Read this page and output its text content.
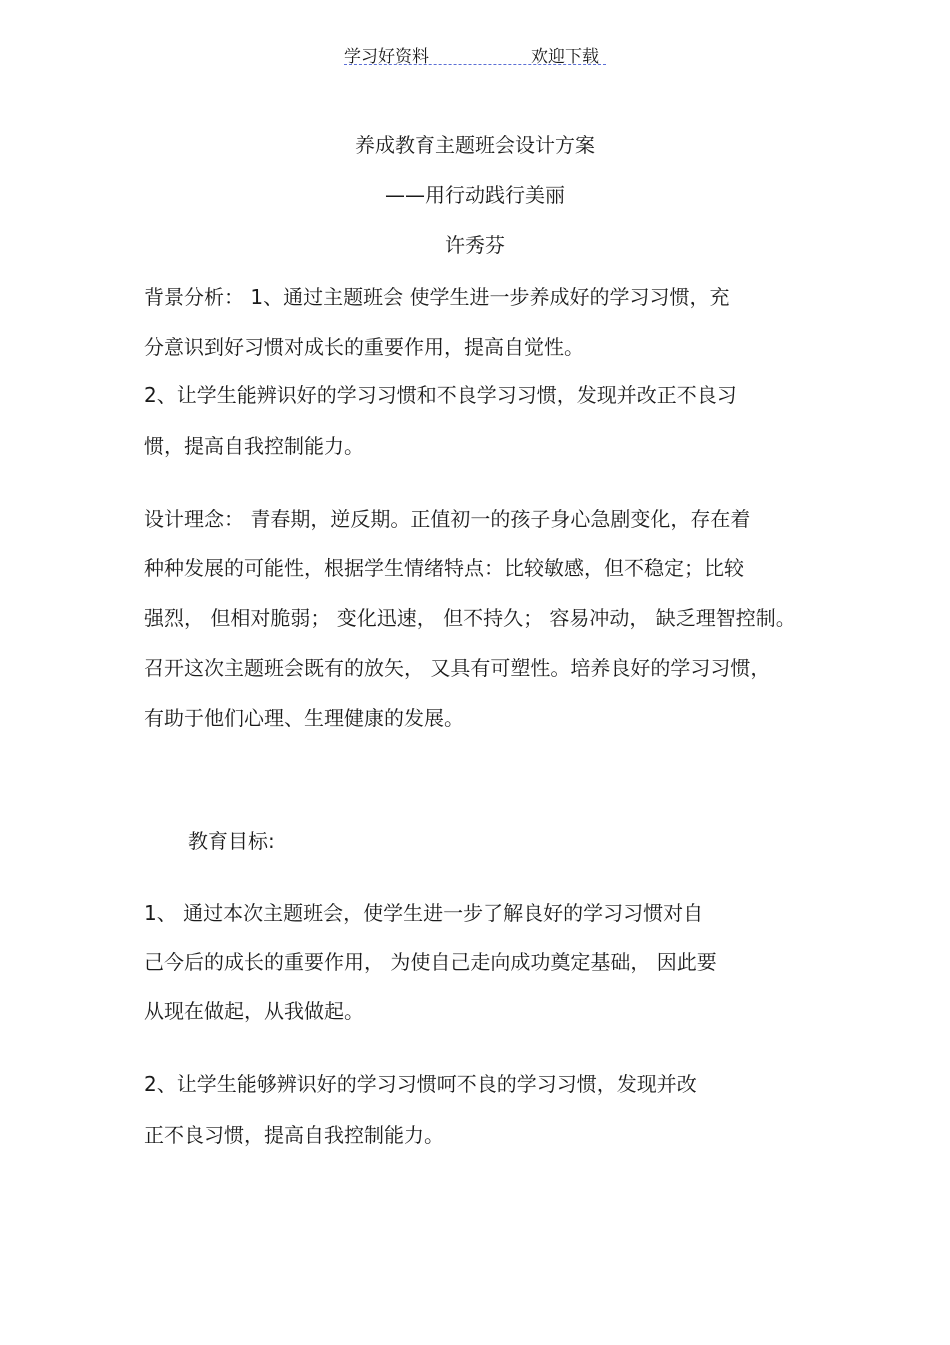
学习好资料	欢迎下载
养成教育主题班会设计方案
——用行动践行美丽
许秀芬
背景分析： 1、通过主题班会 使学生进一步养成好的学习习惯，充
分意识到好习惯对成长的重要作用，提高自觉性。
2、让学生能辨识好的学习习惯和不良学习习惯，发现并改正不良习
惯，提高自我控制能力。
设计理念： 青春期，逆反期。正值初一的孩子身心急剧变化，存在着
种种发展的可能性，根据学生情绪特点：比较敏感，但不稳定；比较
强烈， 但相对脆弱； 变化迅速， 但不持久； 容易冲动， 缺乏理智控制。
召开这次主题班会既有的放矢， 又具有可塑性。培养良好的学习习惯，
有助于他们心理、生理健康的发展。
教育目标:
1、 通过本次主题班会，使学生进一步了解良好的学习习惯对自
己今后的成长的重要作用， 为使自己走向成功奠定基础， 因此要
从现在做起，从我做起。
2、让学生能够辨识好的学习习惯呵不良的学习习惯，发现并改
正不良习惯，提高自我控制能力。
